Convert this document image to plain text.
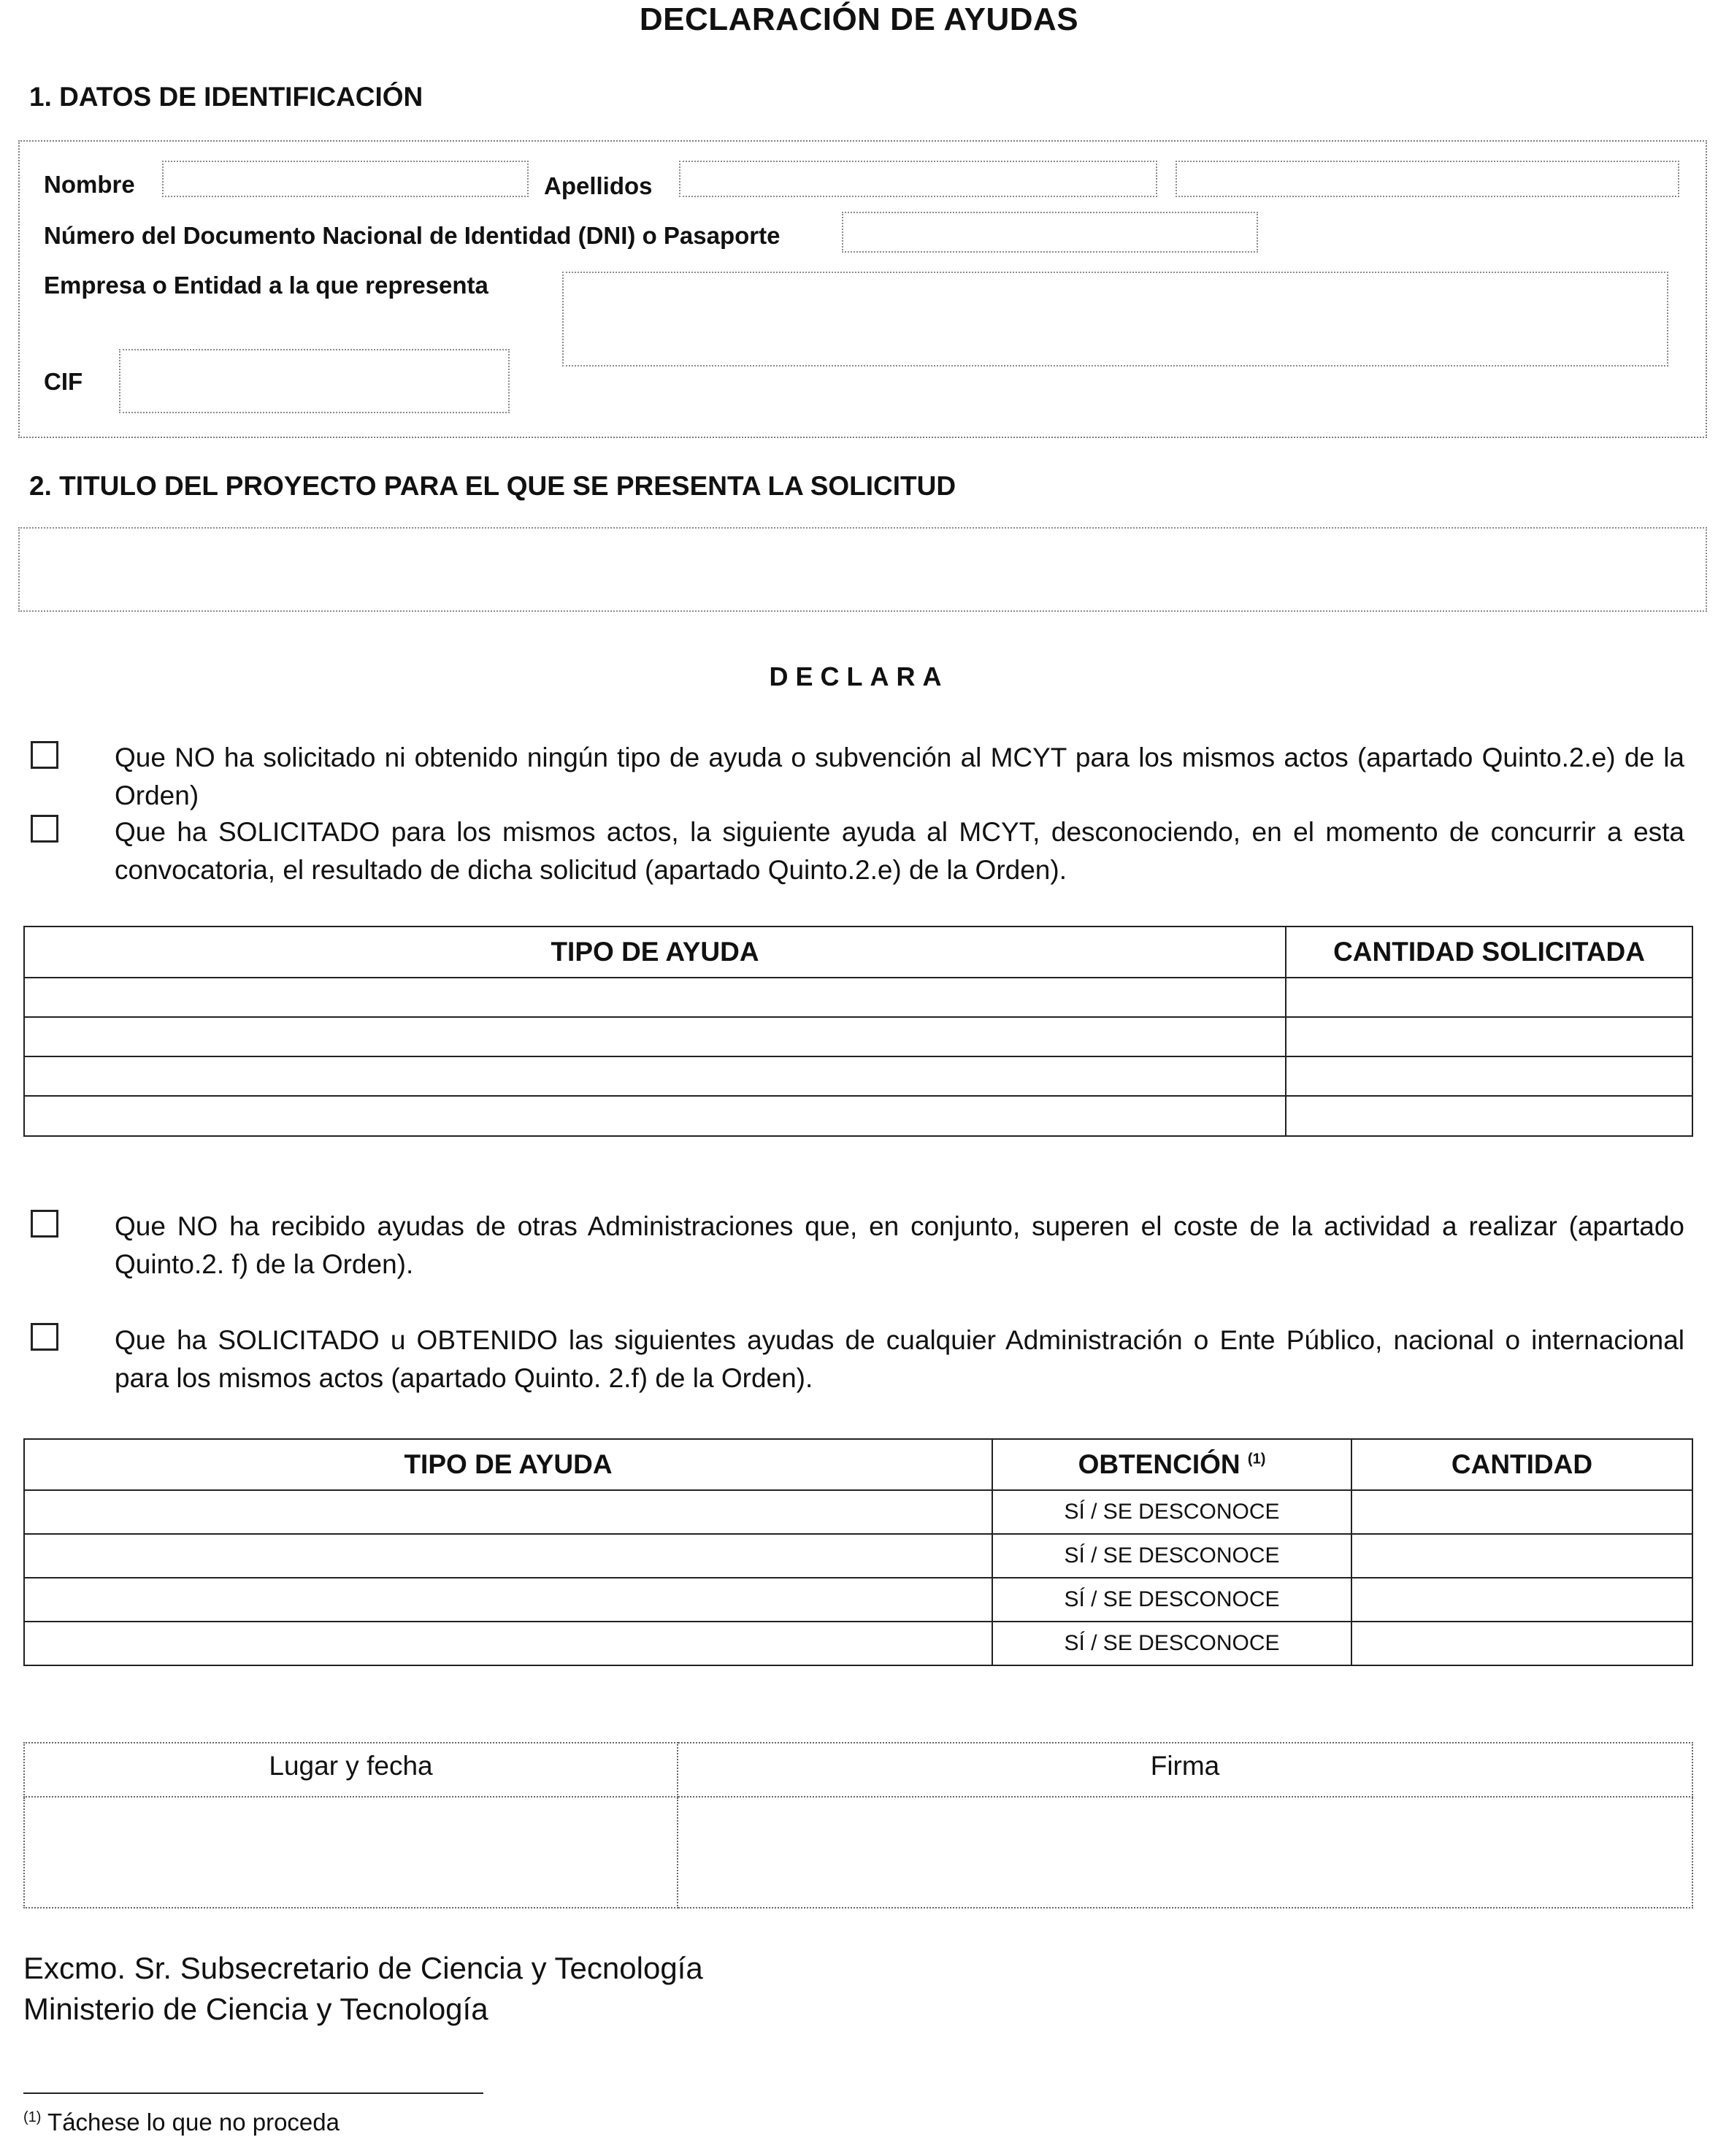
DECLARACIÓN DE AYUDAS
1. DATOS DE IDENTIFICACIÓN
Nombre	Apellidos
Número del Documento Nacional de Identidad (DNI) o Pasaporte
Empresa o Entidad a la que representa
CIF
2. TITULO DEL PROYECTO PARA EL QUE SE PRESENTA LA SOLICITUD
DECLARA
Que NO ha solicitado ni obtenido ningún tipo de ayuda o subvención al MCYT para los mismos actos (apartado Quinto.2.e) de la Orden)
Que ha SOLICITADO para los mismos actos, la siguiente ayuda al MCYT, desconociendo, en el momento de concurrir a esta convocatoria, el resultado de dicha solicitud (apartado Quinto.2.e) de la Orden).
TIPO DE AYUDA	CANTIDAD SOLICITADA

Que NO ha recibido ayudas de otras Administraciones que, en conjunto, superen el coste de la actividad a realizar (apartado Quinto.2. f) de la Orden).
Que ha SOLICITADO u OBTENIDO las siguientes ayudas de cualquier Administración o Ente Público, nacional o internacional para los mismos actos (apartado Quinto. 2.f) de la Orden).
TIPO DE AYUDA	OBTENCIÓN $^{(1)}$	CANTIDAD
	SÍ / SE DESCONOCE	
	SÍ / SE DESCONOCE	
	SÍ / SE DESCONOCE	
	SÍ / SE DESCONOCE	
Lugar y fecha	Firma

Excmo. Sr. Subsecretario de Ciencia y Tecnología
Ministerio de Ciencia y Tecnología
$^{(1)}$ Táchese lo que no proceda
